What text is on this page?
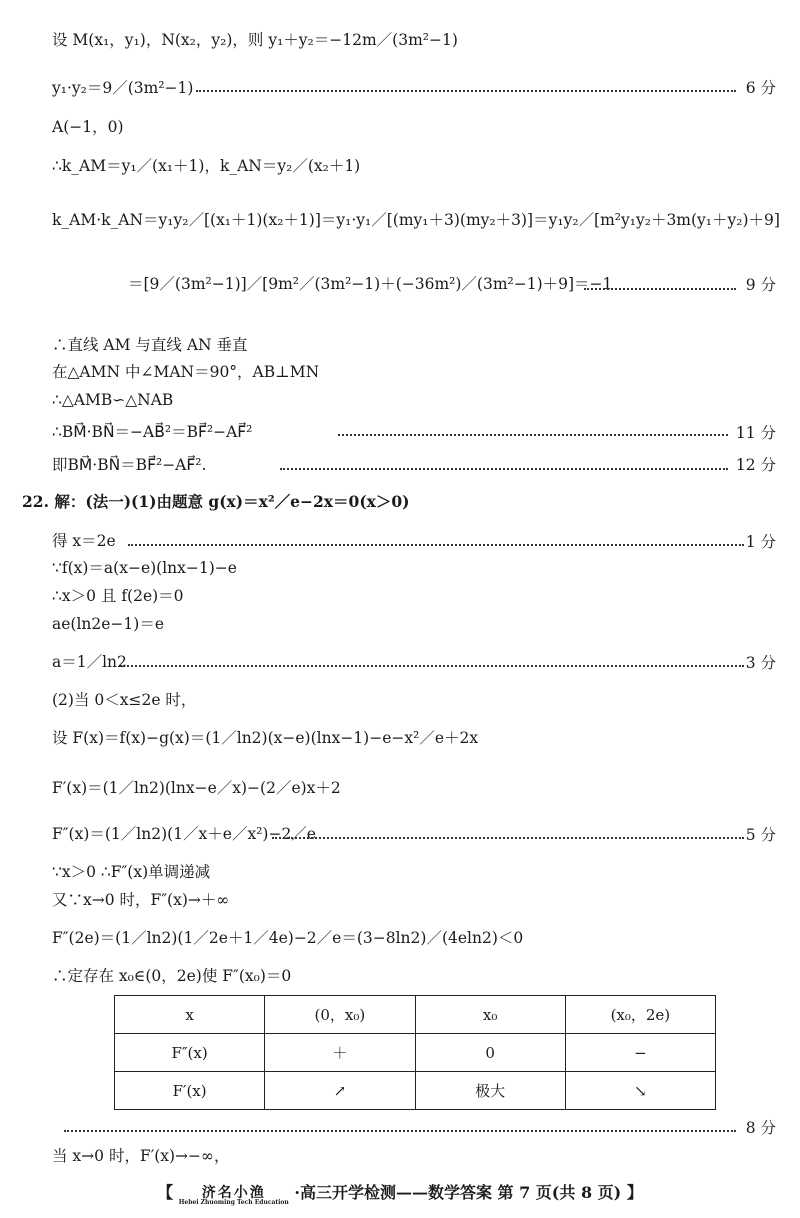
设 M(x₁，y₁)，N(x₂，y₂)，则 y₁＋y₂＝−12m／(3m²−1)
y₁·y₂＝9／(3m²−1)	6 分
A(−1，0)
∴k_AM＝y₁／(x₁＋1)，k_AN＝y₂／(x₂＋1)
k_AM·k_AN＝y₁y₂／[(x₁＋1)(x₂＋1)]＝y₁·y₁／[(my₁＋3)(my₂＋3)]＝y₁y₂／[m²y₁y₂＋3m(y₁＋y₂)＋9]
＝[9／(3m²−1)]／[9m²／(3m²−1)＋(−36m²)／(3m²−1)＋9]＝−1	9 分
∴直线 AM 与直线 AN 垂直
在△AMN 中∠MAN＝90°，AB⊥MN
∴△AMB∽△NAB
∴BM⃗·BN⃗＝−AB⃗²＝BF⃗²−AF⃗²	11 分
即BM⃗·BN⃗＝BF⃗²−AF⃗².	12 分
22. 解：(法一)(1)由题意 g(x)＝x²／e−2x＝0(x＞0)
得 x＝2e	1 分
∵f(x)＝a(x−e)(lnx−1)−e
∴x＞0 且 f(2e)＝0
ae(ln2e−1)＝e
a＝1／ln2	3 分
(2)当 0＜x≤2e 时，
设 F(x)＝f(x)−g(x)＝(1／ln2)(x−e)(lnx−1)−e−x²／e＋2x
F′(x)＝(1／ln2)(lnx−e／x)−(2／e)x＋2
F″(x)＝(1／ln2)(1／x＋e／x²)−2／e	5 分
∵x＞0 ∴F″(x)单调递减
又∵x→0 时，F″(x)→＋∞
F″(2e)＝(1／ln2)(1／2e＋1／4e)−2／e＝(3−8ln2)／(4eln2)＜0
∴定存在 x₀∈(0，2e)使 F″(x₀)＝0
x	(0，x₀)	x₀	(x₀，2e)
F″(x)	＋	0	−
F′(x)	↗	极大	↘
8 分
当 x→0 时，F′(x)→−∞，
【 济名小渔
Hebei Zhuoming Tech Education ·高三开学检测——数学答案 第 7 页(共 8 页) 】
